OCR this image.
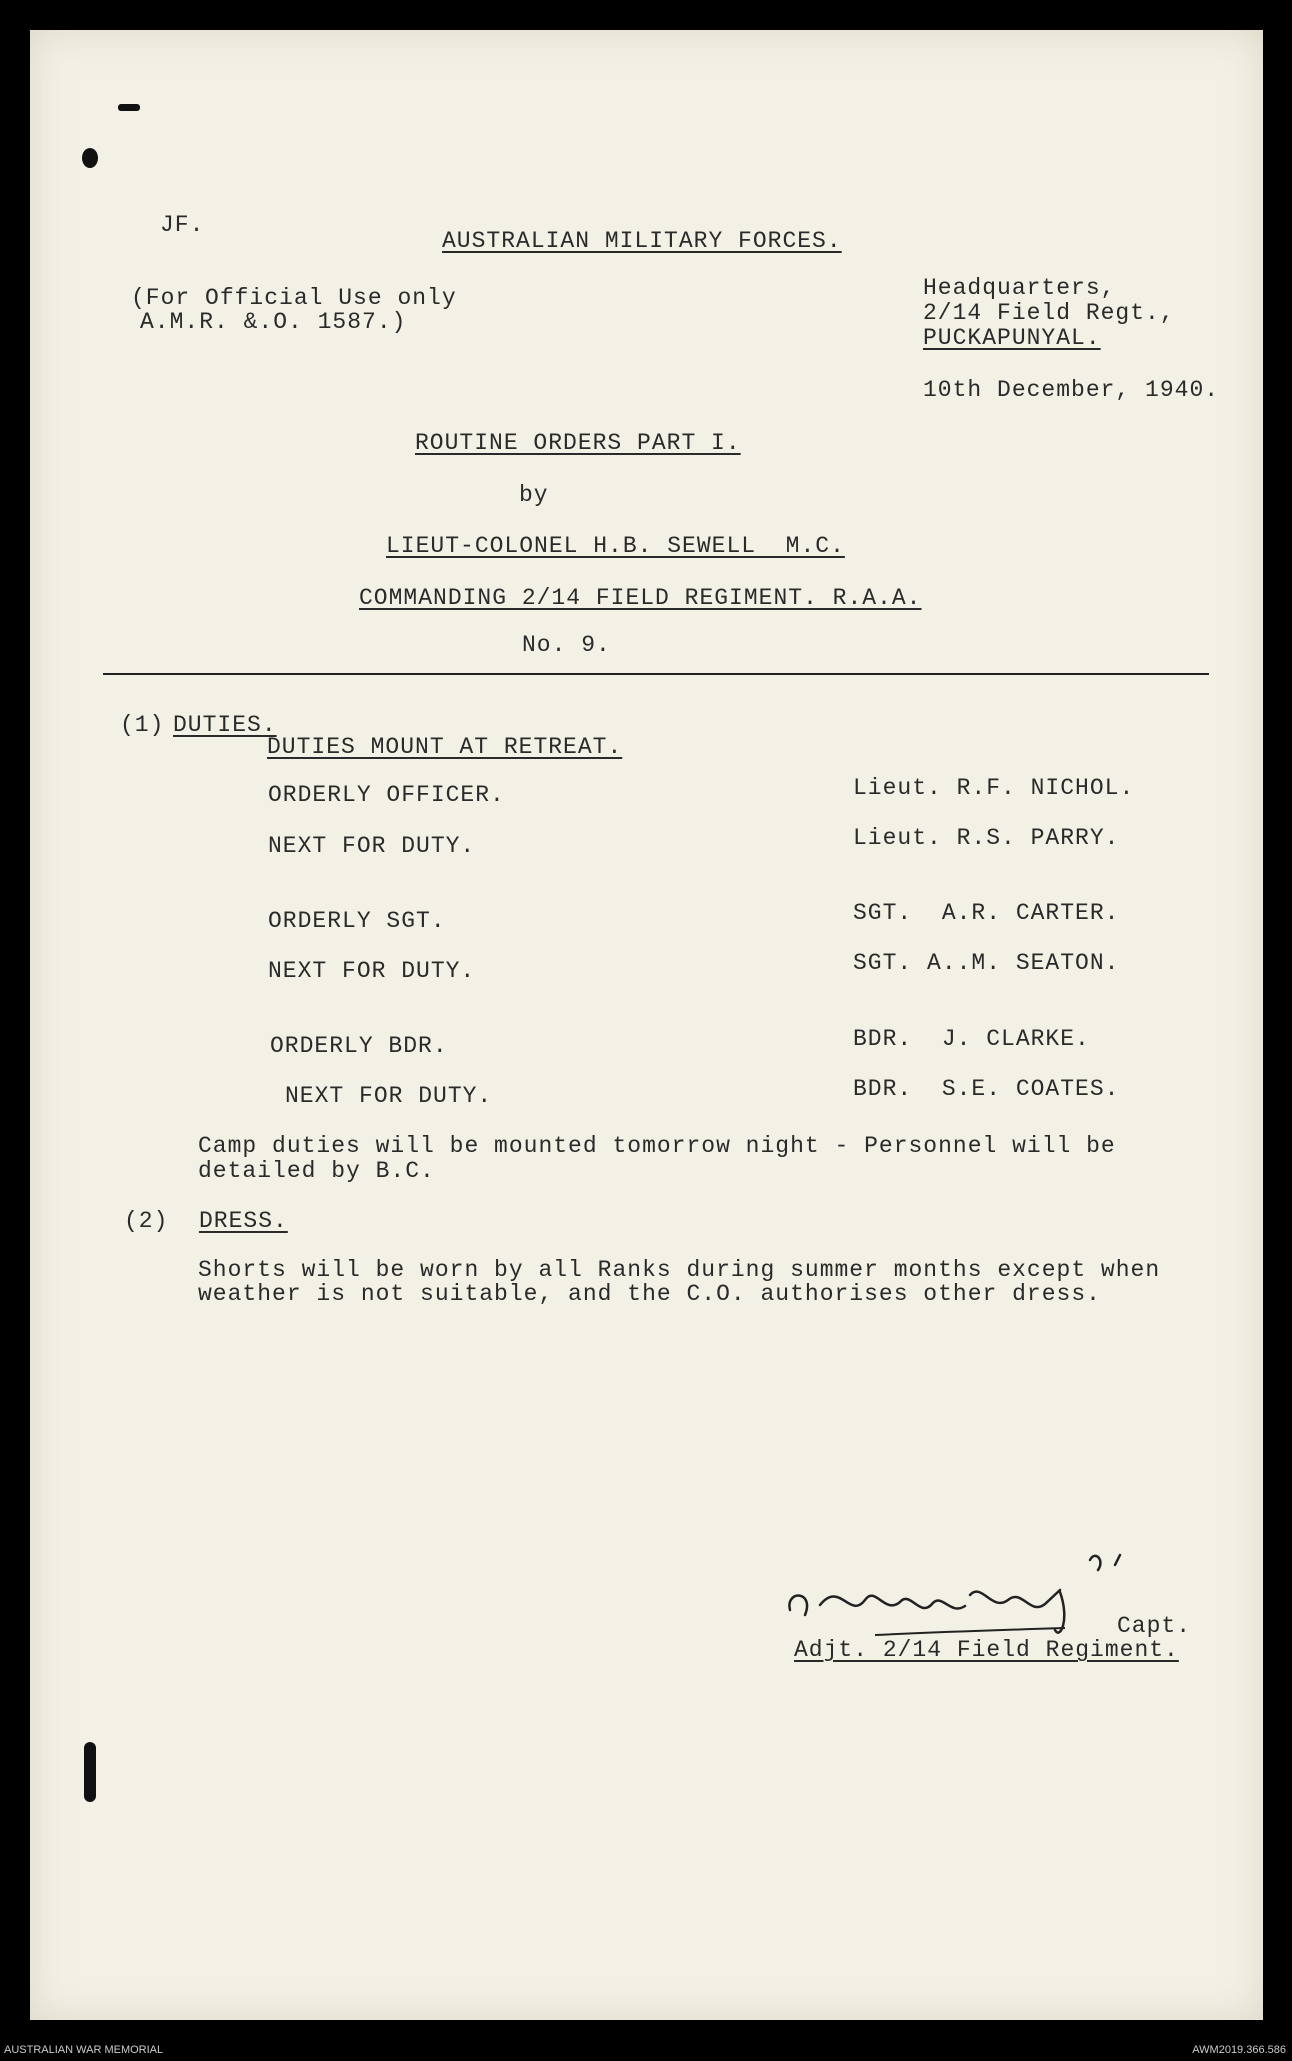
JF.
AUSTRALIAN MILITARY FORCES.
(For Official Use only
A.M.R. &.O. 1587.)
Headquarters,
2/14 Field Regt.,
PUCKAPUNYAL.
10th December, 1940.
ROUTINE ORDERS PART I.
by
LIEUT-COLONEL H.B. SEWELL  M.C.
COMMANDING 2/14 FIELD REGIMENT. R.A.A.
No. 9.
(1) DUTIES.
DUTIES MOUNT AT RETREAT.
ORDERLY OFFICER.	Lieut. R.F. NICHOL.
NEXT FOR DUTY.	Lieut. R.S. PARRY.
ORDERLY SGT.	SGT.  A.R. CARTER.
NEXT FOR DUTY.	SGT. A..M. SEATON.
ORDERLY BDR.	BDR.  J. CLARKE.
NEXT FOR DUTY.	BDR.  S.E. COATES.
Camp duties will be mounted tomorrow night - Personnel will be
detailed by B.C.
(2) DRESS.
Shorts will be worn by all Ranks during summer months except when
weather is not suitable, and the C.O. authorises other dress.
Capt.
Adjt. 2/14 Field Regiment.
AUSTRALIAN WAR MEMORIAL	AWM2019.366.586
